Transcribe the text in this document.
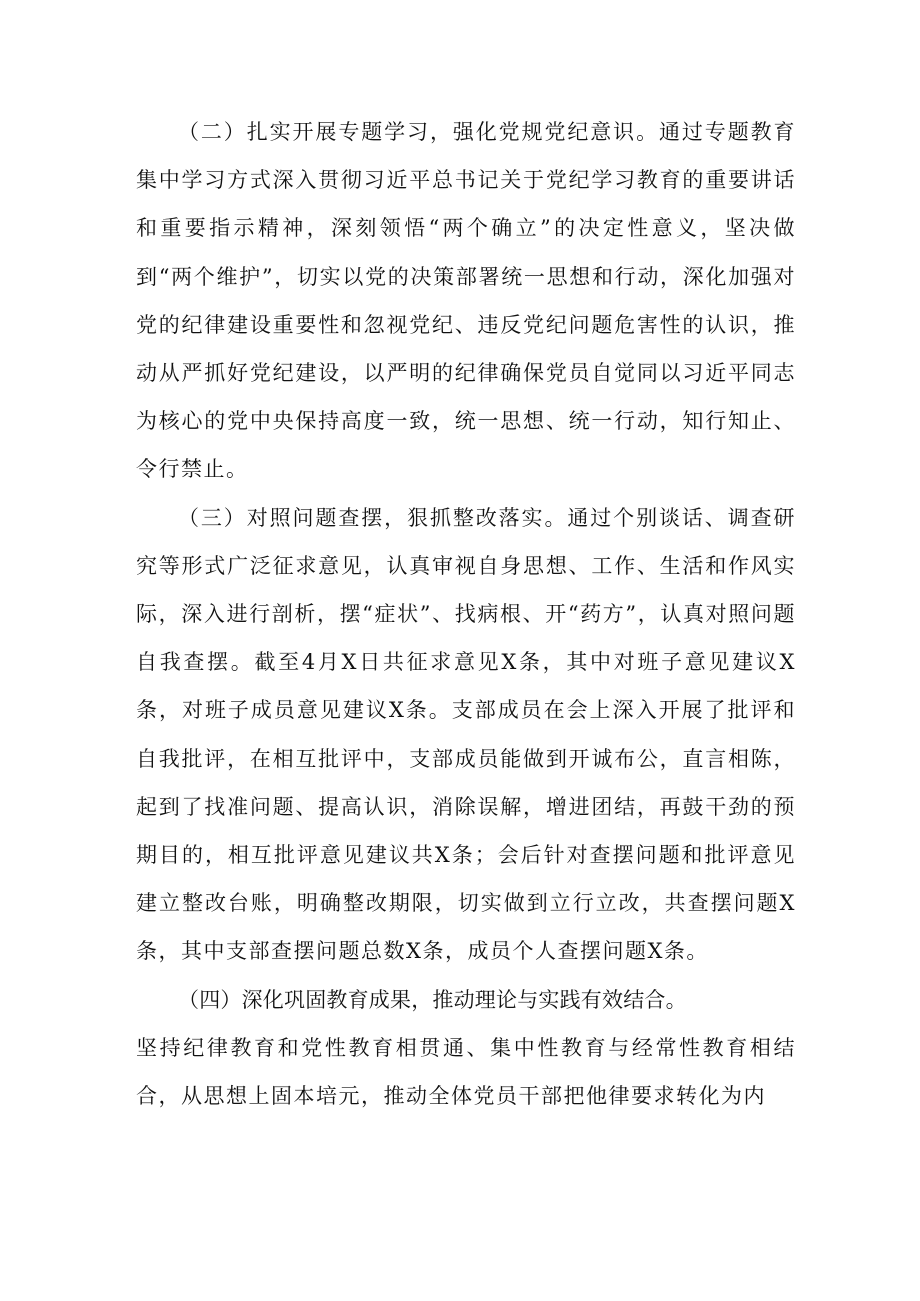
（二）扎实开展专题学习，强化党规党纪意识。通过专题教育集中学习方式深入贯彻习近平总书记关于党纪学习教育的重要讲话和重要指示精神，深刻领悟“两个确立”的决定性意义，坚决做到“两个维护”，切实以党的决策部署统一思想和行动，深化加强对党的纪律建设重要性和忽视党纪、违反党纪问题危害性的认识，推动从严抓好党纪建设，以严明的纪律确保党员自觉同以习近平同志为核心的党中央保持高度一致，统一思想、统一行动，知行知止、令行禁止。

（三）对照问题查摆，狠抓整改落实。通过个别谈话、调查研究等形式广泛征求意见，认真审视自身思想、工作、生活和作风实际，深入进行剖析，摆“症状”、找病根、开“药方”，认真对照问题自我查摆。截至4月X日共征求意见X条，其中对班子意见建议X条，对班子成员意见建议X条。支部成员在会上深入开展了批评和自我批评，在相互批评中，支部成员能做到开诚布公，直言相陈，起到了找准问题、提高认识，消除误解，增进团结，再鼓干劲的预期目的，相互批评意见建议共X条；会后针对查摆问题和批评意见建立整改台账，明确整改期限，切实做到立行立改，共查摆问题X条，其中支部查摆问题总数X条，成员个人查摆问题X条。

（四）深化巩固教育成果，推动理论与实践有效结合。

坚持纪律教育和党性教育相贯通、集中性教育与经常性教育相结合，从思想上固本培元，推动全体党员干部把他律要求转化为内
